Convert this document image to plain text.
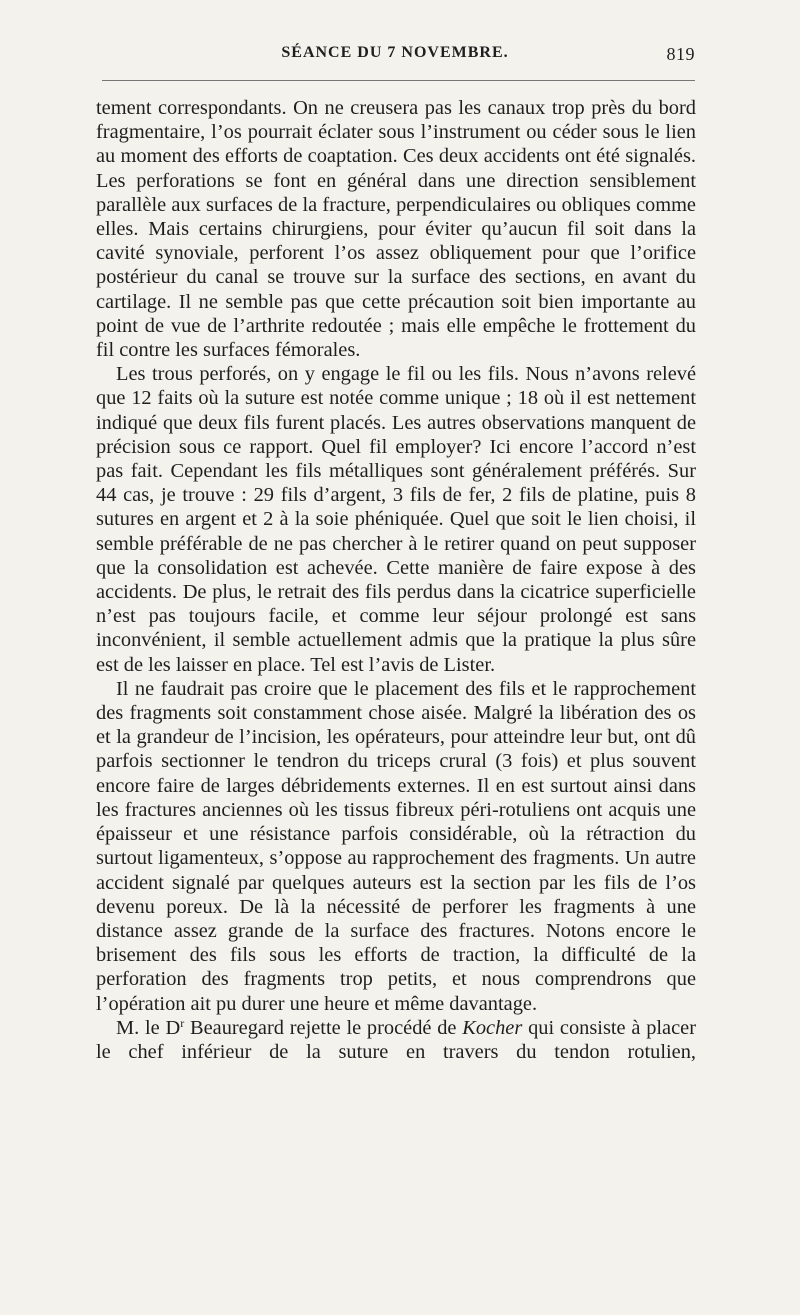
SÉANCE DU 7 NOVEMBRE.	819

tement correspondants. On ne creusera pas les canaux trop près du bord fragmentaire, l’os pourrait éclater sous l’instrument ou céder sous le lien au moment des efforts de coaptation. Ces deux accidents ont été signalés. Les perforations se font en général dans une direction sensiblement parallèle aux surfaces de la fracture, perpendiculaires ou obliques comme elles. Mais certains chirurgiens, pour éviter qu’aucun fil soit dans la cavité synoviale, perforent l’os assez obliquement pour que l’orifice postérieur du canal se trouve sur la surface des sections, en avant du cartilage. Il ne semble pas que cette précaution soit bien importante au point de vue de l’arthrite redoutée ; mais elle empêche le frottement du fil contre les surfaces fémorales.

Les trous perforés, on y engage le fil ou les fils. Nous n’avons relevé que 12 faits où la suture est notée comme unique ; 18 où il est nettement indiqué que deux fils furent placés. Les autres observations manquent de précision sous ce rapport. Quel fil employer? Ici encore l’accord n’est pas fait. Cependant les fils métalliques sont généralement préférés. Sur 44 cas, je trouve : 29 fils d’argent, 3 fils de fer, 2 fils de platine, puis 8 sutures en argent et 2 à la soie phéniquée. Quel que soit le lien choisi, il semble préférable de ne pas chercher à le retirer quand on peut supposer que la consolidation est achevée. Cette manière de faire expose à des accidents. De plus, le retrait des fils perdus dans la cicatrice superficielle n’est pas toujours facile, et comme leur séjour prolongé est sans inconvénient, il semble actuellement admis que la pratique la plus sûre est de les laisser en place. Tel est l’avis de Lister.

Il ne faudrait pas croire que le placement des fils et le rapprochement des fragments soit constamment chose aisée. Malgré la libération des os et la grandeur de l’incision, les opérateurs, pour atteindre leur but, ont dû parfois sectionner le tendron du triceps crural (3 fois) et plus souvent encore faire de larges débridements externes. Il en est surtout ainsi dans les fractures anciennes où les tissus fibreux péri-rotuliens ont acquis une épaisseur et une résistance parfois considérable, où la rétraction du surtout ligamenteux, s’oppose au rapprochement des fragments. Un autre accident signalé par quelques auteurs est la section par les fils de l’os devenu poreux. De là la nécessité de perforer les fragments à une distance assez grande de la surface des fractures. Notons encore le brisement des fils sous les efforts de traction, la difficulté de la perforation des fragments trop petits, et nous comprendrons que l’opération ait pu durer une heure et même davantage.

M. le $D^r$ Beauregard rejette le procédé de Kocher qui consiste à placer le chef inférieur de la suture en travers du tendon rotulien,
